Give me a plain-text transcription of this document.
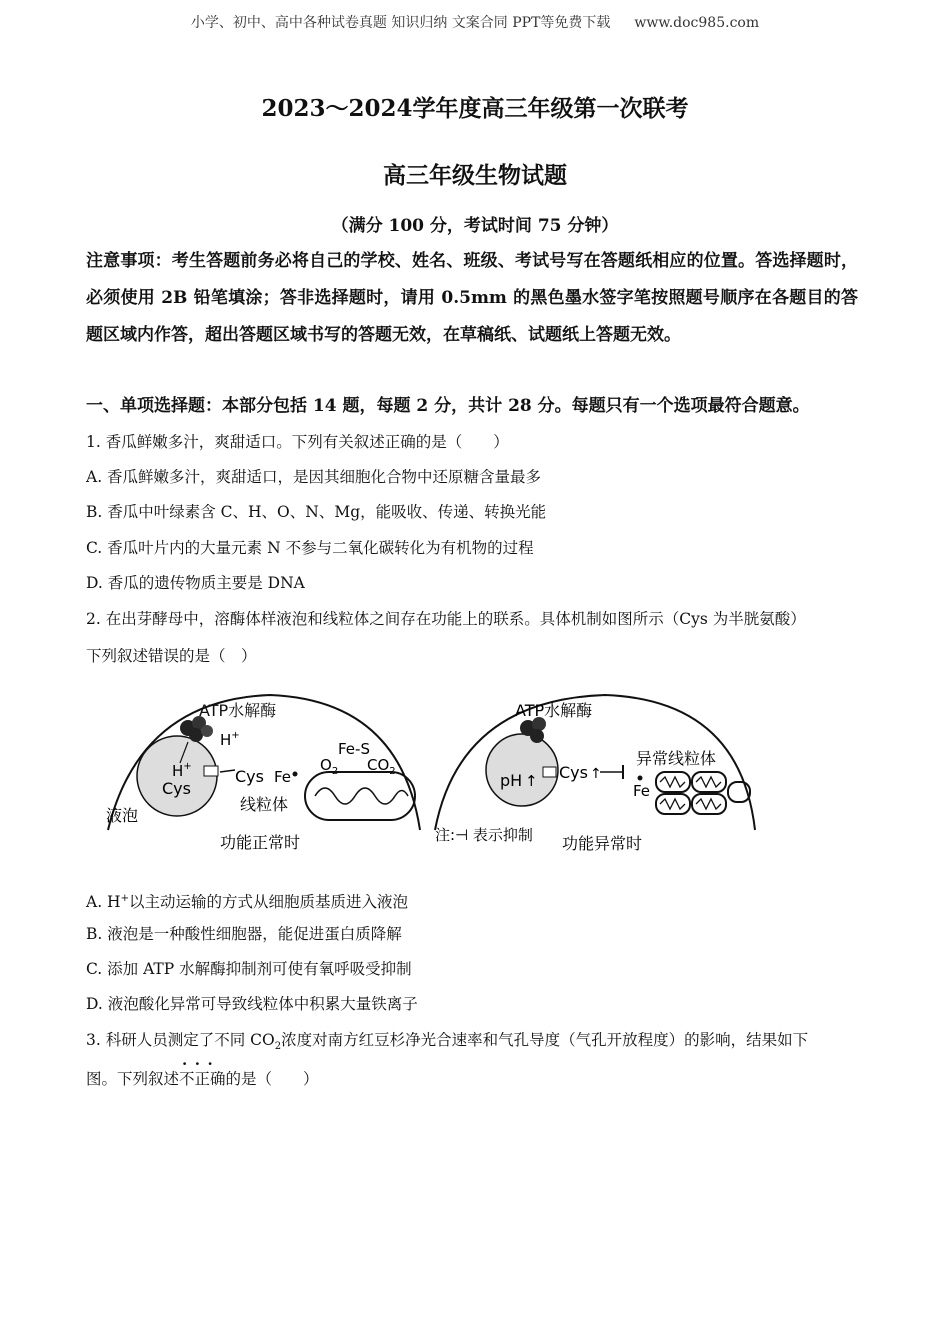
小学、初中、高中各种试卷真题 知识归纳 文案合同 PPT等免费下载 www.doc985.com
2023～2024学年度高三年级第一次联考
高三年级生物试题
（满分 100 分，考试时间 75 分钟）
注意事项：考生答题前务必将自己的学校、姓名、班级、考试号写在答题纸相应的位置。答选择题时，必须使用 2B 铅笔填涂；答非选择题时，请用 0.5mm 的黑色墨水签字笔按照题号顺序在各题目的答题区域内作答，超出答题区域书写的答题无效，在草稿纸、试题纸上答题无效。
一、单项选择题：本部分包括 14 题，每题 2 分，共计 28 分。每题只有一个选项最符合题意。
1. 香瓜鲜嫩多汁，爽甜适口。下列有关叙述正确的是（　　）
A. 香瓜鲜嫩多汁，爽甜适口，是因其细胞化合物中还原糖含量最多
B. 香瓜中叶绿素含 C、H、O、N、Mg，能吸收、传递、转换光能
C. 香瓜叶片内的大量元素 N 不参与二氧化碳转化为有机物的过程
D. 香瓜的遗传物质主要是 DNA
2. 在出芽酵母中，溶酶体样液泡和线粒体之间存在功能上的联系。具体机制如图所示（Cys 为半胱氨酸）
下列叙述错误的是（　）
ATP水解酶
H+
H+
Cys
Cys Fe
Fe-S
$O_2$ $CO_2$
液泡
线粒体
功能正常时
ATP水解酶
pH ↑ Cys ↑
异常线粒体
Fe
注:⊣ 表示抑制 功能异常时
A. H+以主动运输的方式从细胞质基质进入液泡
B. 液泡是一种酸性细胞器，能促进蛋白质降解
C. 添加 ATP 水解酶抑制剂可使有氧呼吸受抑制
D. 液泡酸化异常可导致线粒体中积累大量铁离子
3. 科研人员测定了不同 $CO_2$浓度对南方红豆杉净光合速率和气孔导度（气孔开放程度）的影响，结果如下
图。下列叙述· · · 不正确的是（　　）
